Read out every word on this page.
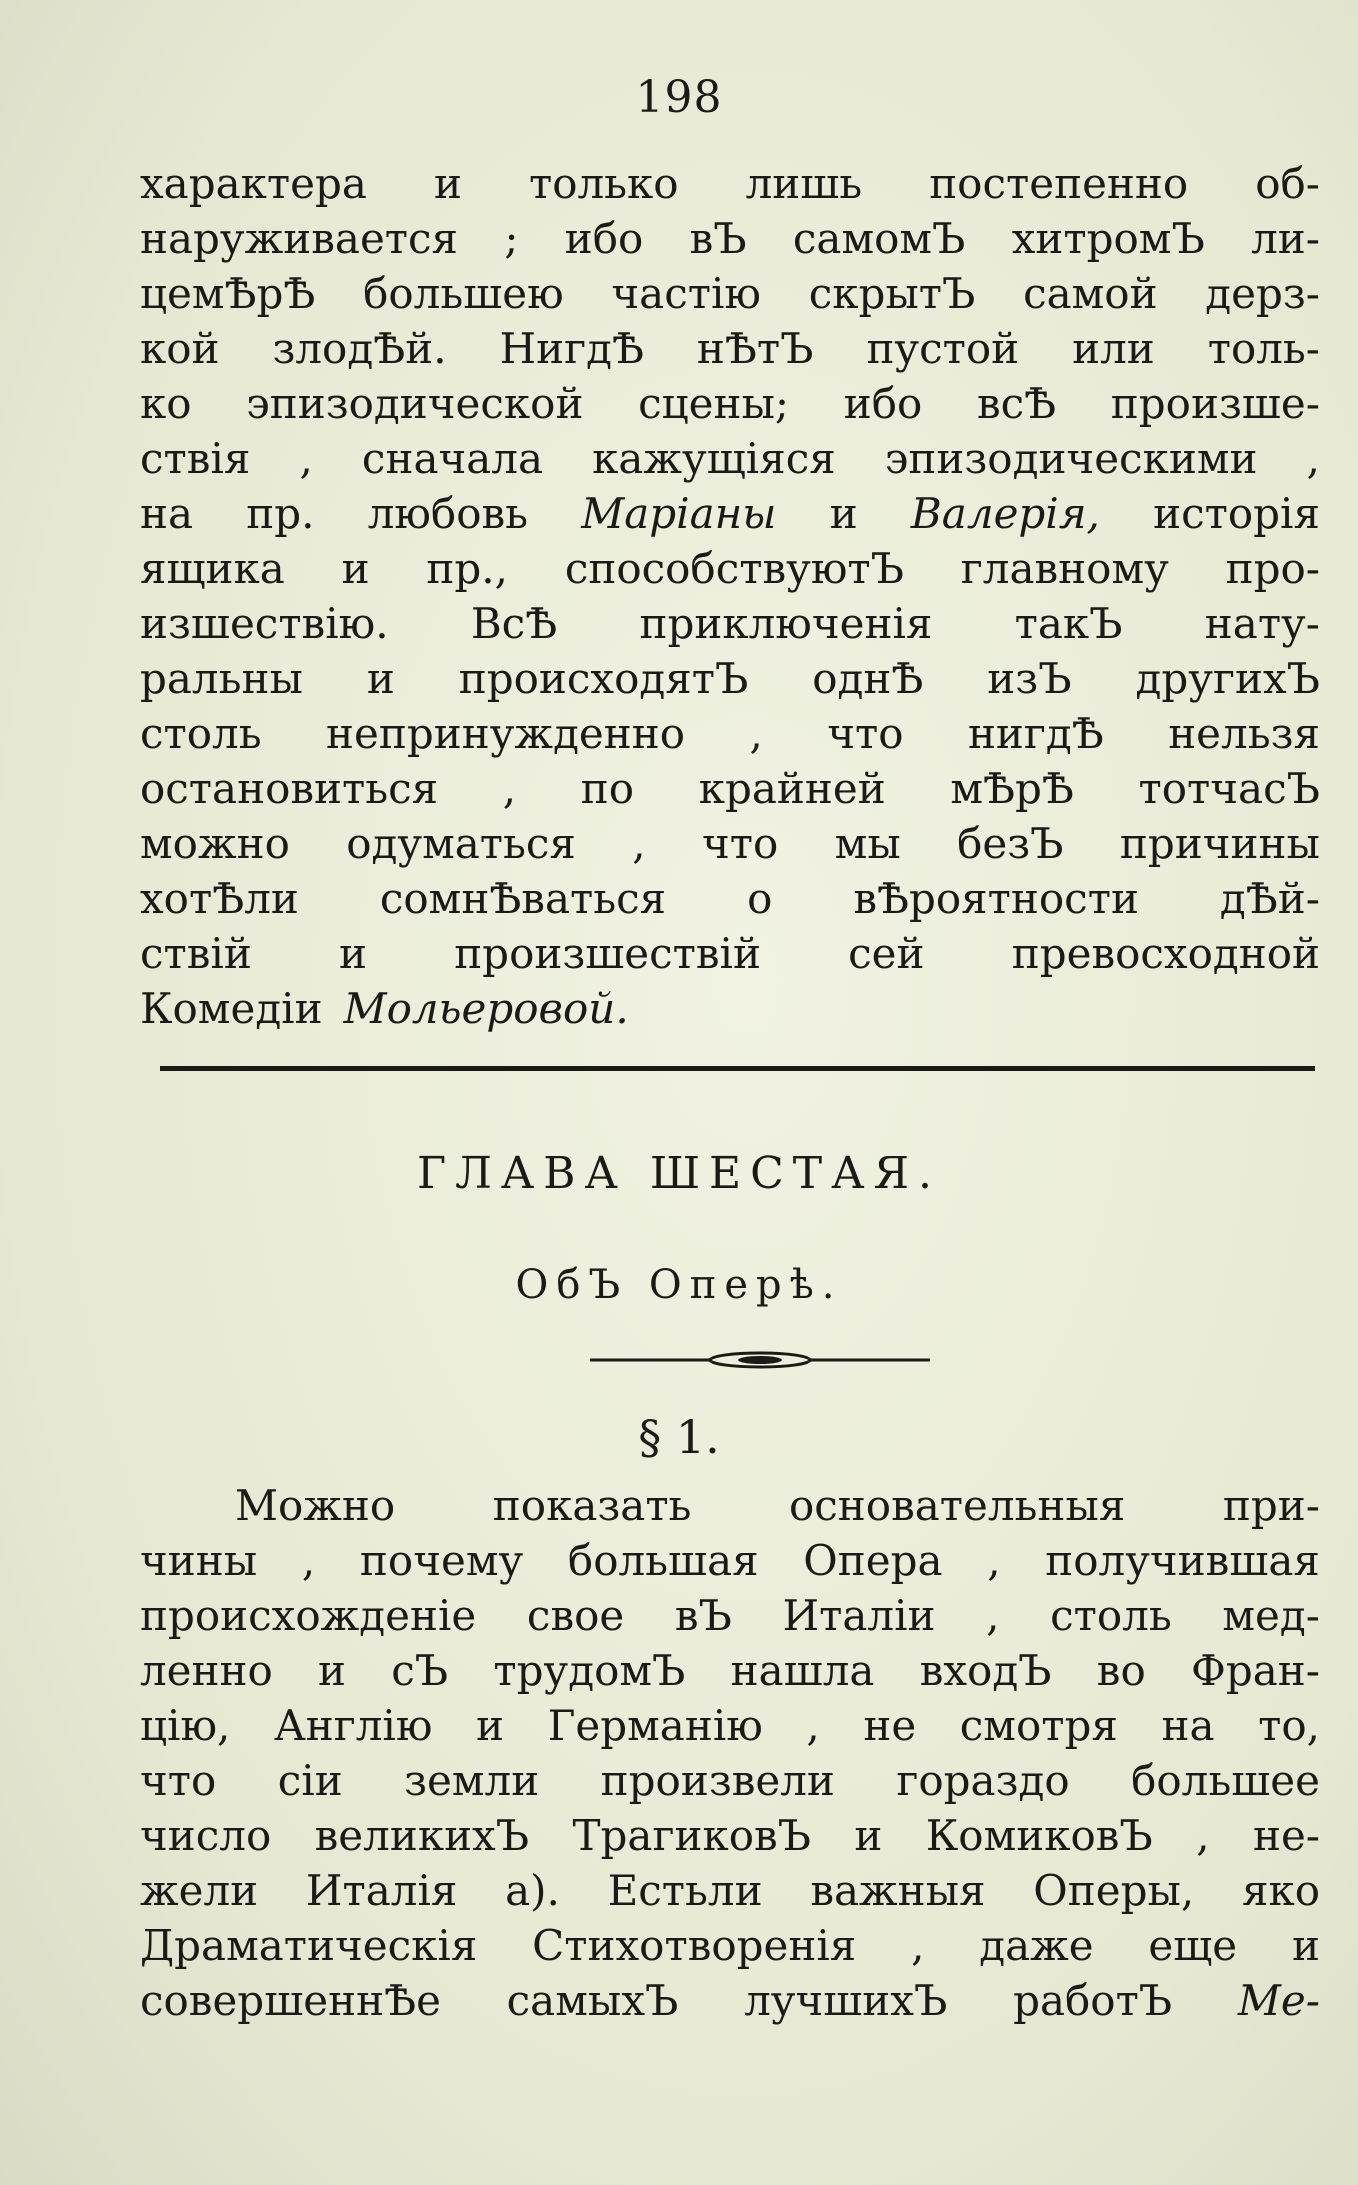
198
характера и только лишь постепенно об-
наруживается ; ибо вЪ самомЪ хитромЪ ли-
цемѢрѢ большею частію скрытЪ самой дерз-
кой злодѢй. НигдѢ нѢтЪ пустой или толь-
ко эпизодической сцены; ибо всѢ произше-
ствія , сначала кажущіяся эпизодическими ,
на пр. любовь Маріаны и Валерія, исторія
ящика и пр., способствуютЪ главному про-
изшествію. ВсѢ приключенія такЪ нату-
ральны и происходятЪ однѢ изЪ другихЪ
столь непринужденно , что нигдѢ нельзя
остановиться , по крайней мѢрѢ тотчасЪ
можно одуматься , что мы безЪ причины
хотѢли сомнѢваться о вѢроятности дѢй-
ствій и произшествій сей превосходной
Комедіи Мольеровой.
ГЛАВА ШЕСТАЯ.
ОбЪ Оперѣ.
§ 1.
Можно показать основательныя при-
чины , почему большая Опера , получившая
происхожденіе свое вЪ Италіи , столь мед-
ленно и сЪ трудомЪ нашла входЪ во Фран-
цію, Англію и Германію , не смотря на то,
что сіи земли произвели гораздо большее
число великихЪ ТрагиковЪ и КомиковЪ , не-
жели Италія а). Естьли важныя Оперы, яко
Драматическія Стихотворенія , даже еще и
совершеннѢе самыхЪ лучшихЪ работЪ Ме-
